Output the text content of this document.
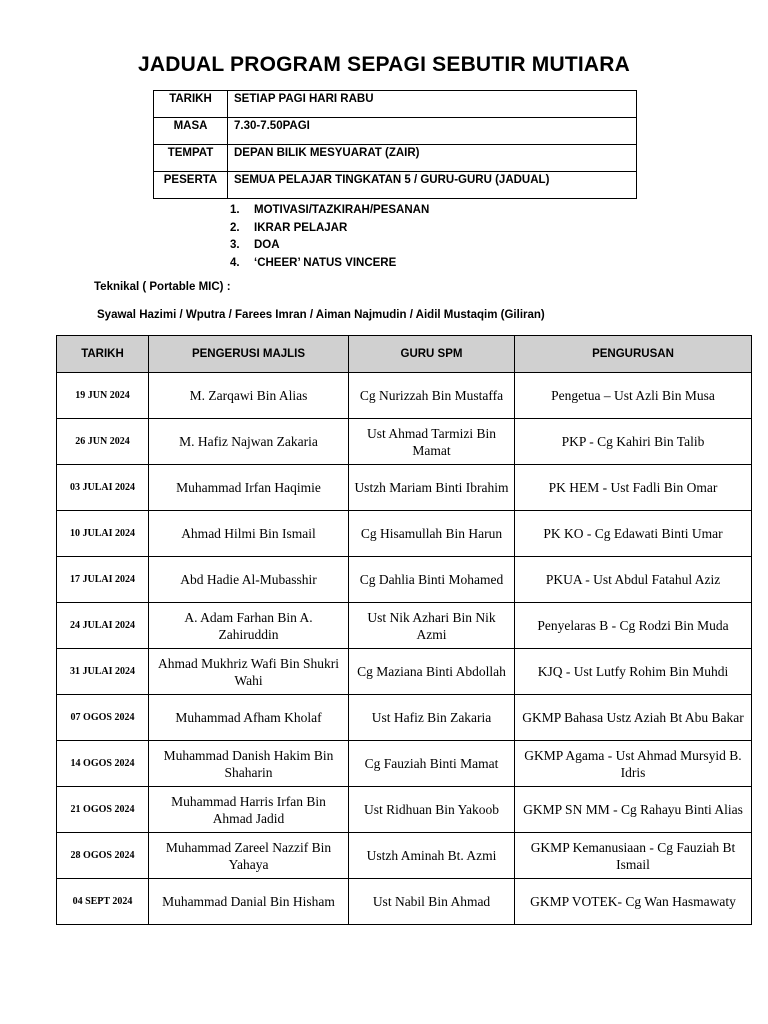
JADUAL PROGRAM SEPAGI SEBUTIR MUTIARA
TARIKH	SETIAP PAGI HARI RABU
MASA	7.30-7.50PAGI
TEMPAT	DEPAN BILIK MESYUARAT (ZAIR)
PESERTA	SEMUA PELAJAR TINGKATAN 5 / GURU-GURU (JADUAL)
1. MOTIVASI/TAZKIRAH/PESANAN
2. IKRAR PELAJAR
3. DOA
4. ‘CHEER’ NATUS VINCERE
Teknikal ( Portable MIC) :
Syawal Hazimi / Wputra / Farees Imran / Aiman Najmudin / Aidil Mustaqim (Giliran)
TARIKH	PENGERUSI MAJLIS	GURU SPM	PENGURUSAN
19 JUN 2024	M. Zarqawi Bin Alias	Cg Nurizzah Bin Mustaffa	Pengetua – Ust Azli Bin Musa
26 JUN 2024	M. Hafiz Najwan Zakaria	Ust Ahmad Tarmizi Bin Mamat	PKP - Cg Kahiri Bin Talib
03 JULAI 2024	Muhammad Irfan Haqimie	Ustzh Mariam Binti Ibrahim	PK HEM - Ust Fadli Bin Omar
10 JULAI 2024	Ahmad Hilmi Bin Ismail	Cg Hisamullah Bin Harun	PK KO - Cg Edawati Binti Umar
17 JULAI 2024	Abd Hadie Al-Mubasshir	Cg Dahlia Binti Mohamed	PKUA - Ust Abdul Fatahul Aziz
24 JULAI 2024	A. Adam Farhan Bin A. Zahiruddin	Ust Nik Azhari Bin Nik Azmi	Penyelaras B - Cg Rodzi Bin Muda
31 JULAI 2024	Ahmad Mukhriz Wafi Bin Shukri Wahi	Cg Maziana Binti Abdollah	KJQ - Ust Lutfy Rohim Bin Muhdi
07 OGOS 2024	Muhammad Afham Kholaf	Ust Hafiz Bin Zakaria	GKMP Bahasa Ustz Aziah Bt Abu Bakar
14 OGOS 2024	Muhammad Danish Hakim Bin Shaharin	Cg Fauziah Binti Mamat	GKMP Agama - Ust Ahmad Mursyid B. Idris
21 OGOS 2024	Muhammad Harris Irfan Bin Ahmad Jadid	Ust Ridhuan Bin Yakoob	GKMP SN MM - Cg Rahayu Binti Alias
28 OGOS 2024	Muhammad Zareel Nazzif Bin Yahaya	Ustzh Aminah Bt. Azmi	GKMP Kemanusiaan - Cg Fauziah Bt Ismail
04 SEPT 2024	Muhammad Danial Bin Hisham	Ust Nabil Bin Ahmad	GKMP VOTEK- Cg Wan Hasmawaty
